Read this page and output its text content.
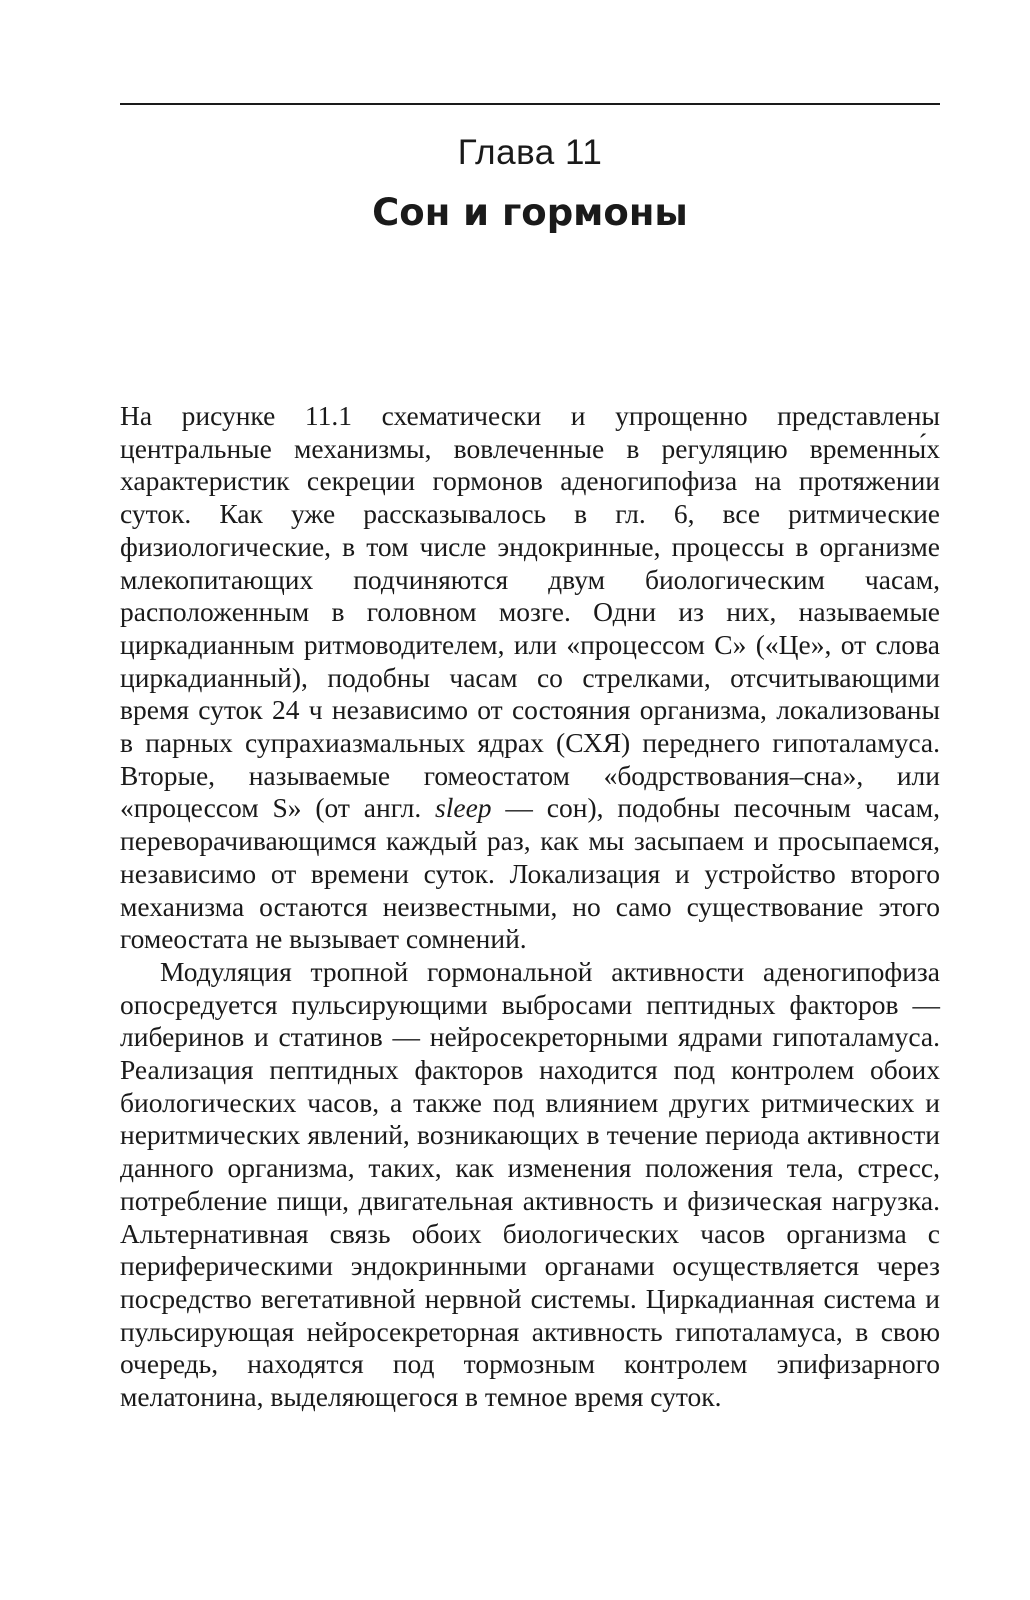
Глава 11
Сон и гормоны

На рисунке 11.1 схематически и упрощенно представлены центральные механизмы, вовлеченные в регуляцию временны́х характеристик секреции гормонов аденогипофиза на протяжении суток. Как уже рассказывалось в гл. 6, все ритмические физиологические, в том числе эндокринные, процессы в организме млекопитающих подчиняются двум биологическим часам, расположенным в головном мозге. Одни из них, называемые циркадианным ритмоводителем, или «процессом С» («Це», от слова циркадианный), подобны часам со стрелками, отсчитывающими время суток 24 ч независимо от состояния организма, локализованы в парных супрахиазмальных ядрах (СХЯ) переднего гипоталамуса. Вторые, называемые гомеостатом «бодрствования–сна», или «процессом S» (от англ. sleep — сон), подобны песочным часам, переворачивающимся каждый раз, как мы засыпаем и просыпаемся, независимо от времени суток. Локализация и устройство второго механизма остаются неизвестными, но само существование этого гомеостата не вызывает сомнений.

Модуляция тропной гормональной активности аденогипофиза опосредуется пульсирующими выбросами пептидных факторов — либеринов и статинов — нейросекреторными ядрами гипоталамуса. Реализация пептидных факторов находится под контролем обоих биологических часов, а также под влиянием других ритмических и неритмических явлений, возникающих в течение периода активности данного организма, таких, как изменения положения тела, стресс, потребление пищи, двигательная активность и физическая нагрузка. Альтернативная связь обоих биологических часов организма с периферическими эндокринными органами осуществляется через посредство вегетативной нервной системы. Циркадианная система и пульсирующая нейросекреторная активность гипоталамуса, в свою очередь, находятся под тормозным контролем эпифизарного мелатонина, выделяющегося в темное время суток.
